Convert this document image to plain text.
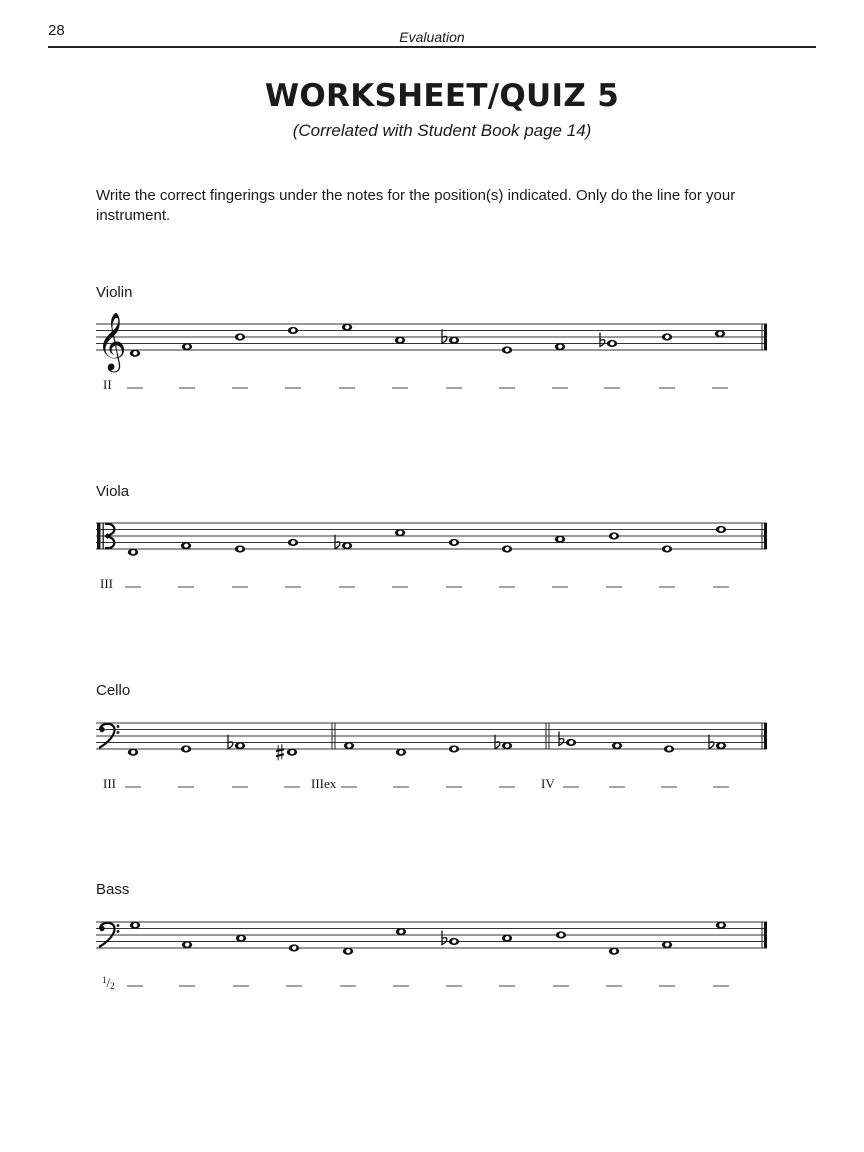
28	Evaluation
WORKSHEET/QUIZ 5
(Correlated with Student Book page 14)
Write the correct fingerings under the notes for the position(s) indicated. Only do the line for your instrument.
Violin
𝄞
II
Viola
III
Cello
III	IIIex	IV
Bass
$^1$/2
